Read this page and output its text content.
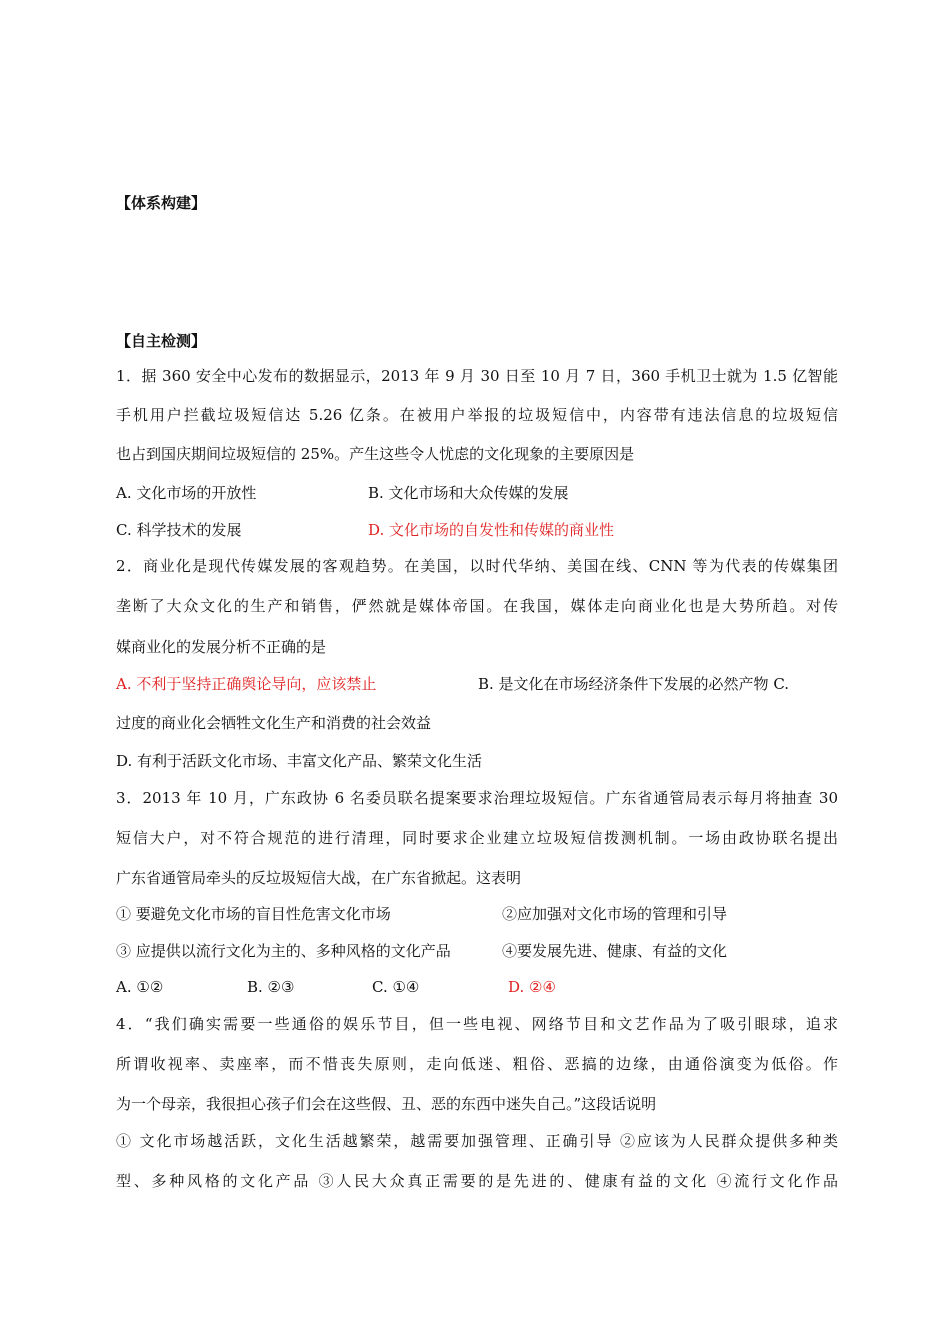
【体系构建】
【自主检测】
1．据 360 安全中心发布的数据显示，2013 年 9 月 30 日至 10 月 7 日，360 手机卫士就为 1.5 亿智能
手机用户拦截垃圾短信达 5.26 亿条。在被用户举报的垃圾短信中，内容带有违法信息的垃圾短信
也占到国庆期间垃圾短信的 25%。产生这些令人忧虑的文化现象的主要原因是
A. 文化市场的开放性	B. 文化市场和大众传媒的发展
C. 科学技术的发展	D. 文化市场的自发性和传媒的商业性
2．商业化是现代传媒发展的客观趋势。在美国，以时代华纳、美国在线、CNN 等为代表的传媒集团
垄断了大众文化的生产和销售，俨然就是媒体帝国。在我国，媒体走向商业化也是大势所趋。对传
媒商业化的发展分析不正确的是
A. 不利于坚持正确舆论导向，应该禁止	B. 是文化在市场经济条件下发展的必然产物 C.
过度的商业化会牺牲文化生产和消费的社会效益
D. 有利于活跃文化市场、丰富文化产品、繁荣文化生活
3．2013 年 10 月，广东政协 6 名委员联名提案要求治理垃圾短信。广东省通管局表示每月将抽查 30
短信大户，对不符合规范的进行清理，同时要求企业建立垃圾短信拨测机制。一场由政协联名提出
广东省通管局牵头的反垃圾短信大战，在广东省掀起。这表明
① 要避免文化市场的盲目性危害文化市场	②应加强对文化市场的管理和引导
③ 应提供以流行文化为主的、多种风格的文化产品	④要发展先进、健康、有益的文化
A. ①②	B. ②③	C. ①④	D. ②④
4．“我们确实需要一些通俗的娱乐节目，但一些电视、网络节目和文艺作品为了吸引眼球，追求
所谓收视率、卖座率，而不惜丧失原则，走向低迷、粗俗、恶搞的边缘，由通俗演变为低俗。作
为一个母亲，我很担心孩子们会在这些假、丑、恶的东西中迷失自己。”这段话说明
① 文化市场越活跃，文化生活越繁荣，越需要加强管理、正确引导 ②应该为人民群众提供多种类
型、多种风格的文化产品 ③人民大众真正需要的是先进的、健康有益的文化 ④流行文化作品
